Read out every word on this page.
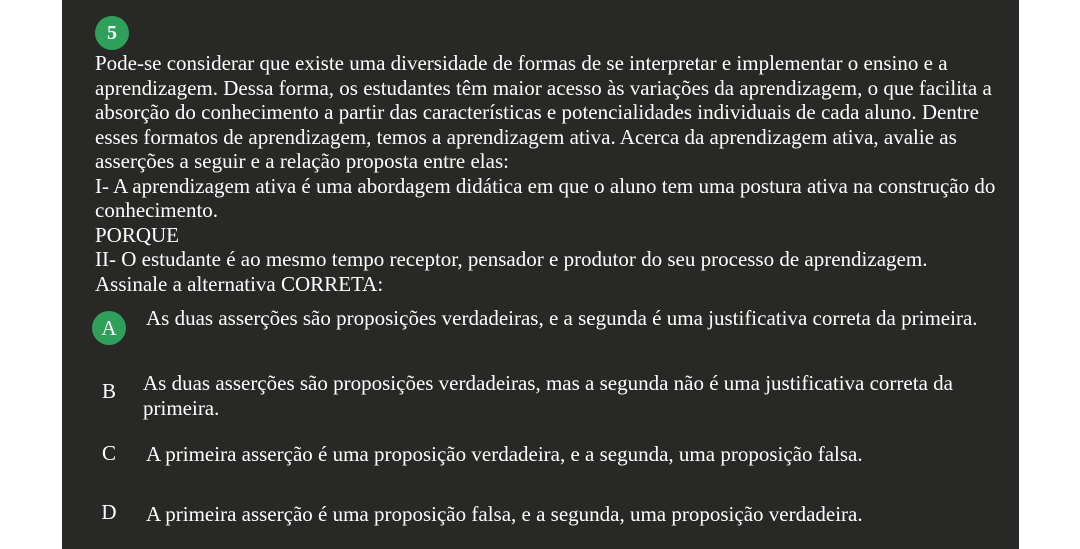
5

Pode-se considerar que existe uma diversidade de formas de se interpretar e implementar o ensino e a aprendizagem. Dessa forma, os estudantes têm maior acesso às variações da aprendizagem, o que facilita a absorção do conhecimento a partir das características e potencialidades individuais de cada aluno. Dentre esses formatos de aprendizagem, temos a aprendizagem ativa. Acerca da aprendizagem ativa, avalie as asserções a seguir e a relação proposta entre elas:

I- A aprendizagem ativa é uma abordagem didática em que o aluno tem uma postura ativa na construção do conhecimento.

PORQUE

II- O estudante é ao mesmo tempo receptor, pensador e produtor do seu processo de aprendizagem.

Assinale a alternativa CORRETA:

A	As duas asserções são proposições verdadeiras, e a segunda é uma justificativa correta da primeira.
B	As duas asserções são proposições verdadeiras, mas a segunda não é uma justificativa correta da primeira.
C	A primeira asserção é uma proposição verdadeira, e a segunda, uma proposição falsa.
D	A primeira asserção é uma proposição falsa, e a segunda, uma proposição verdadeira.
